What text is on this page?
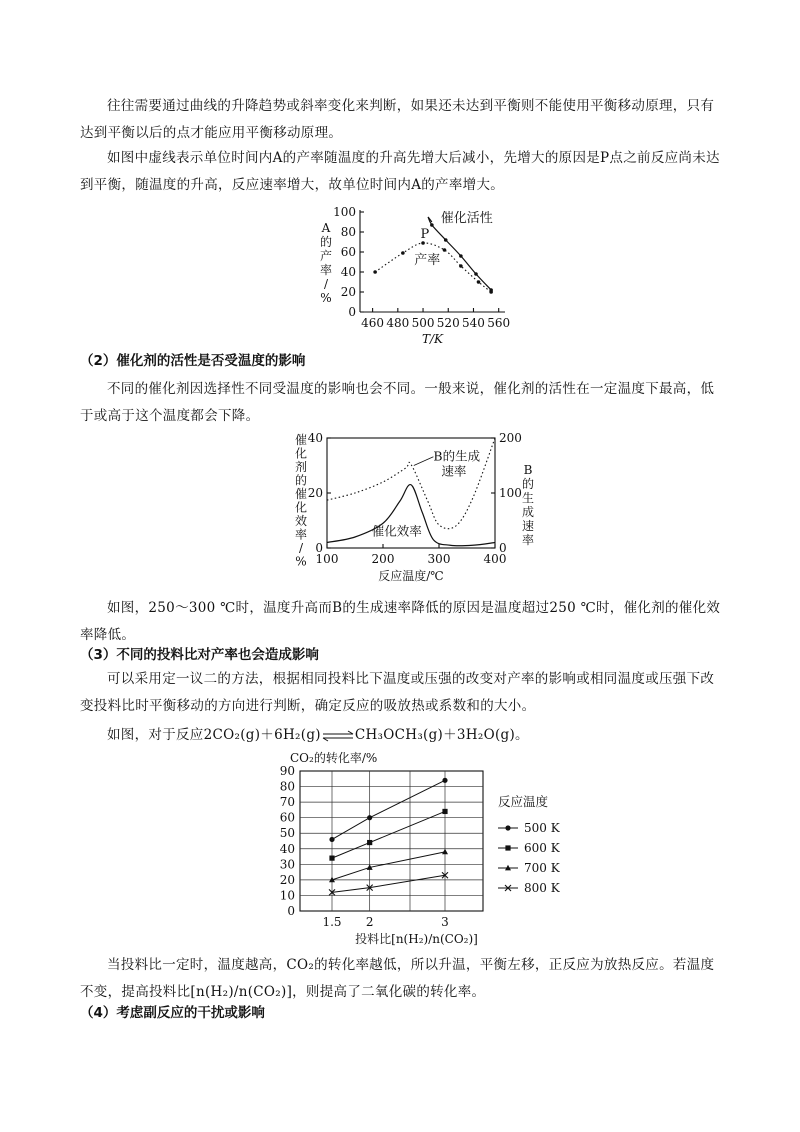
往往需要通过曲线的升降趋势或斜率变化来判断，如果还未达到平衡则不能使用平衡移动原理，只有达到平衡以后的点才能应用平衡移动原理。
如图中虚线表示单位时间内A的产率随温度的升高先增大后减小，先增大的原因是P点之前反应尚未达到平衡，随温度的升高，反应速率增大，故单位时间内A的产率增大。
0
20
40
60
80
100
460 480 500 520 540 560
T/K
A
的
产
率
/
%
催化活性
P
产率
（2）催化剂的活性是否受温度的影响
不同的催化剂因选择性不同受温度的影响也会不同。一般来说，催化剂的活性在一定温度下最高，低于或高于这个温度都会下降。
0
20
40
0
100
200
100	200	300	400
反应温度/℃
催
化
剂
的
催
化
效
率
/
%
B
的
生
成
速
率
B的生成
速率
催化效率
如图，250～300 ℃时，温度升高而B的生成速率降低的原因是温度超过250 ℃时，催化剂的催化效率降低。
（3）不同的投料比对产率也会造成影响
可以采用定一议二的方法，根据相同投料比下温度或压强的改变对产率的影响或相同温度或压强下改变投料比时平衡移动的方向进行判断，确定反应的吸放热或系数和的大小。
如图，对于反应2CO₂(g)＋6H₂(g)⇌CH₃OCH₃(g)＋3H₂O(g)。
CO₂的转化率/%
0
10
20
30
40
50
60
70
80
90
1.5 2	3
投料比[n(H₂)/n(CO₂)]
反应温度
500 K
600 K
700 K
800 K
当投料比一定时，温度越高，CO₂的转化率越低，所以升温，平衡左移，正反应为放热反应。若温度不变，提高投料比[n(H₂)/n(CO₂)]，则提高了二氧化碳的转化率。
（4）考虑副反应的干扰或影响
